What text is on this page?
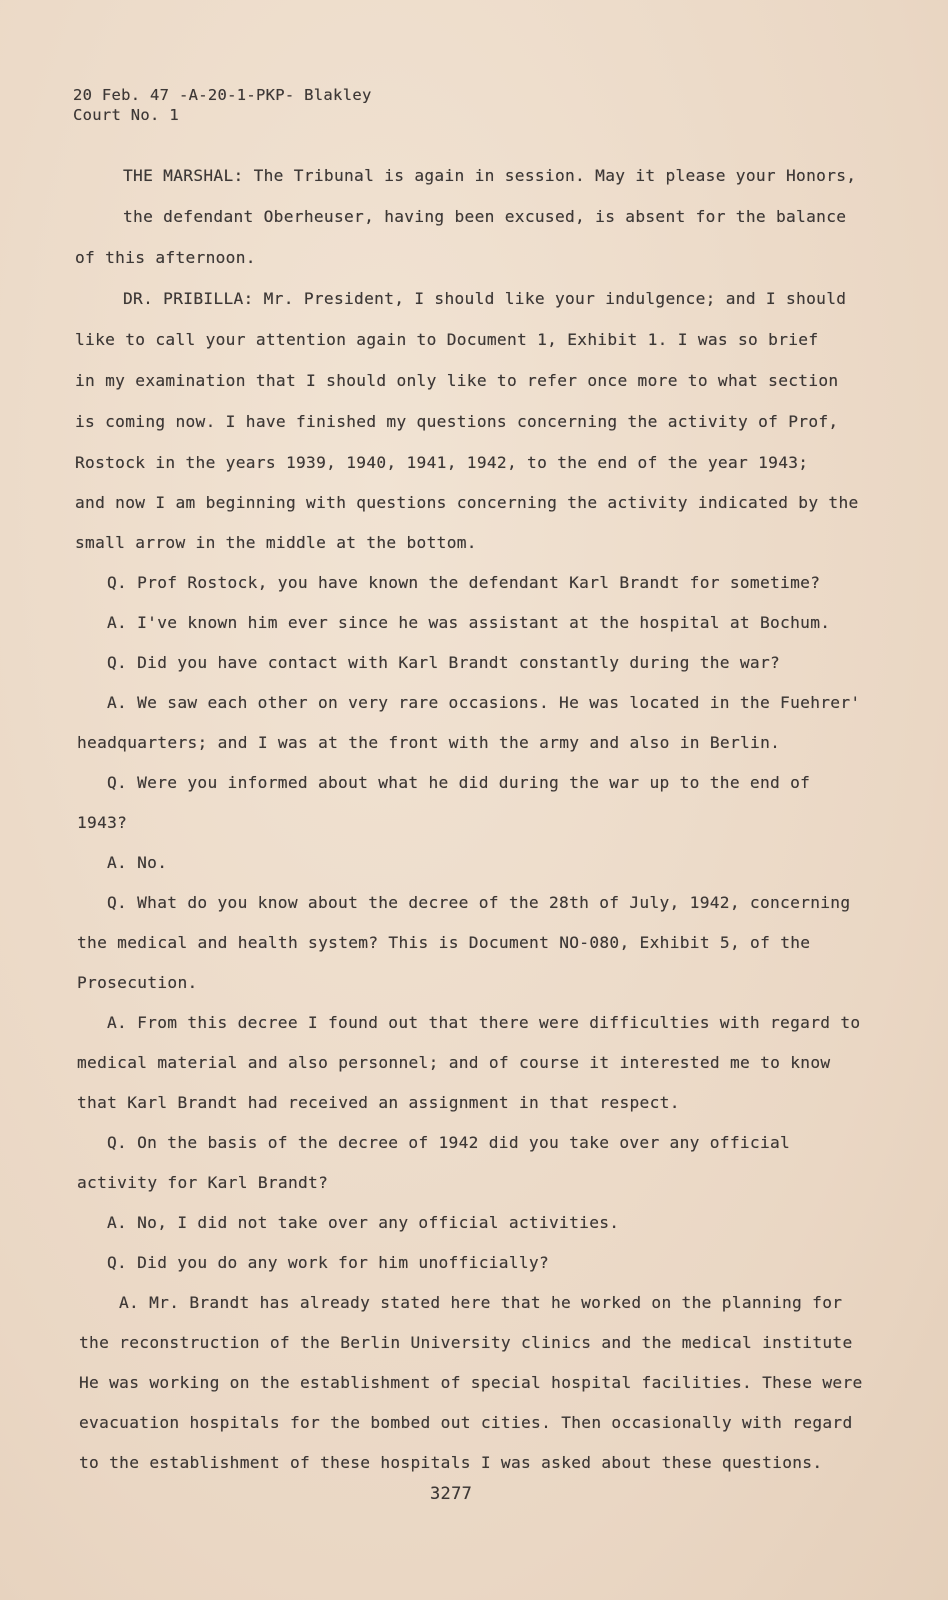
20 Feb. 47 -A-20-1-PKP- Blakley
Court No. 1
THE MARSHAL: The Tribunal is again in session. May it please your Honors,
the defendant Oberheuser, having been excused, is absent for the balance
of this afternoon.
DR. PRIBILLA: Mr. President, I should like your indulgence; and I should
like to call your attention again to Document 1, Exhibit 1. I was so brief
in my examination that I should only like to refer once more to what section
is coming now. I have finished my questions concerning the activity of Prof,
Rostock in the years 1939, 1940, 1941, 1942, to the end of the year 1943;
and now I am beginning with questions concerning the activity indicated by the
small arrow in the middle at the bottom.
Q. Prof Rostock, you have known the defendant Karl Brandt for sometime?
A. I've known him ever since he was assistant at the hospital at Bochum.
Q. Did you have contact with Karl Brandt constantly during the war?
A. We saw each other on very rare occasions. He was located in the Fuehrer'
headquarters; and I was at the front with the army and also in Berlin.
Q. Were you informed about what he did during the war up to the end of
1943?
A. No.
Q. What do you know about the decree of the 28th of July, 1942, concerning
the medical and health system? This is Document NO-080, Exhibit 5, of the
Prosecution.
A. From this decree I found out that there were difficulties with regard to
medical material and also personnel; and of course it interested me to know
that Karl Brandt had received an assignment in that respect.
Q. On the basis of the decree of 1942 did you take over any official
activity for Karl Brandt?
A. No, I did not take over any official activities.
Q. Did you do any work for him unofficially?
A. Mr. Brandt has already stated here that he worked on the planning for
the reconstruction of the Berlin University clinics and the medical institute
He was working on the establishment of special hospital facilities. These were
evacuation hospitals for the bombed out cities. Then occasionally with regard
to the establishment of these hospitals I was asked about these questions.
3277
